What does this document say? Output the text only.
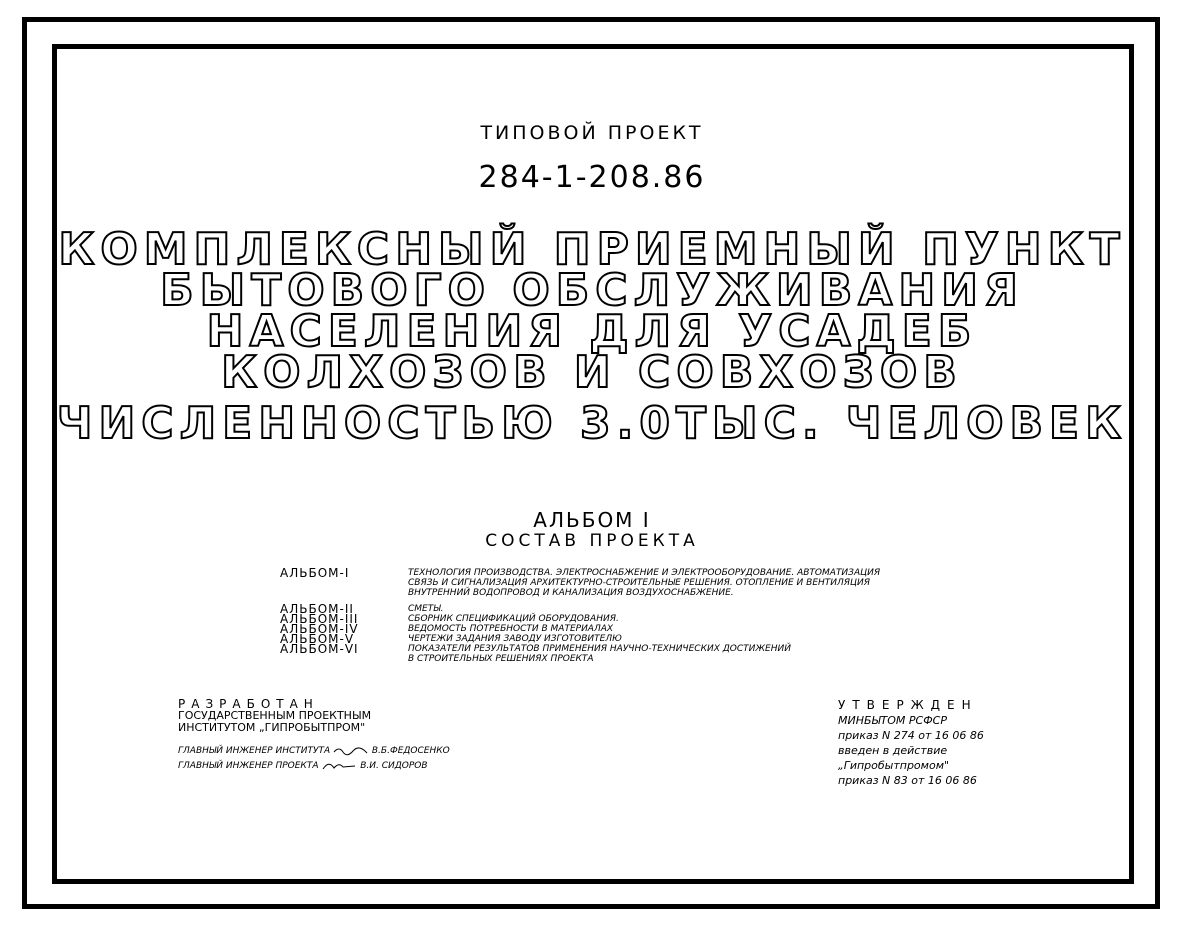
ТИПОВОЙ ПРОЕКТ
284-1-208.86
КОМПЛЕКСНЫЙ ПРИЕМНЫЙ ПУНКТ
БЫТОВОГО ОБСЛУЖИВАНИЯ
НАСЕЛЕНИЯ ДЛЯ УСАДЕБ
КОЛХОЗОВ И СОВХОЗОВ
ЧИСЛЕННОСТЬЮ 3.0ТЫС. ЧЕЛОВЕК
АЛЬБОМ I
СОСТАВ ПРОЕКТА
АЛЬБОМ-I	ТЕХНОЛОГИЯ ПРОИЗВОДСТВА. ЭЛЕКТРОСНАБЖЕНИЕ И ЭЛЕКТРООБОРУДОВАНИЕ. АВТОМАТИЗАЦИЯ
СВЯЗЬ И СИГНАЛИЗАЦИЯ АРХИТЕКТУРНО-СТРОИТЕЛЬНЫЕ РЕШЕНИЯ. ОТОПЛЕНИЕ И ВЕНТИЛЯЦИЯ
ВНУТРЕННИЙ ВОДОПРОВОД И КАНАЛИЗАЦИЯ ВОЗДУХОСНАБЖЕНИЕ.
АЛЬБОМ-II	СМЕТЫ.
АЛЬБОМ-III	СБОРНИК СПЕЦИФИКАЦИЙ ОБОРУДОВАНИЯ.
АЛЬБОМ-IV	ВЕДОМОСТЬ ПОТРЕБНОСТИ В МАТЕРИАЛАХ
АЛЬБОМ-V	ЧЕРТЕЖИ ЗАДАНИЯ ЗАВОДУ ИЗГОТОВИТЕЛЮ
АЛЬБОМ-VI	ПОКАЗАТЕЛИ РЕЗУЛЬТАТОВ ПРИМЕНЕНИЯ НАУЧНО-ТЕХНИЧЕСКИХ ДОСТИЖЕНИЙ
В СТРОИТЕЛЬНЫХ РЕШЕНИЯХ ПРОЕКТА
РАЗРАБОТАН
ГОСУДАРСТВЕННЫМ ПРОЕКТНЫМ
ИНСТИТУТОМ „ГИПРОБЫТПРОМ"
ГЛАВНЫЙ ИНЖЕНЕР ИНСТИТУТА	В.Б.ФЕДОСЕНКО
ГЛАВНЫЙ ИНЖЕНЕР ПРОЕКТА	В.И. СИДОРОВ
УТВЕРЖДЕН
МИНБЫТОМ РСФСР
приказ N 274 от 16 06 86
введен в действие
„Гипробытпромом"
приказ N 83 от 16 06 86
